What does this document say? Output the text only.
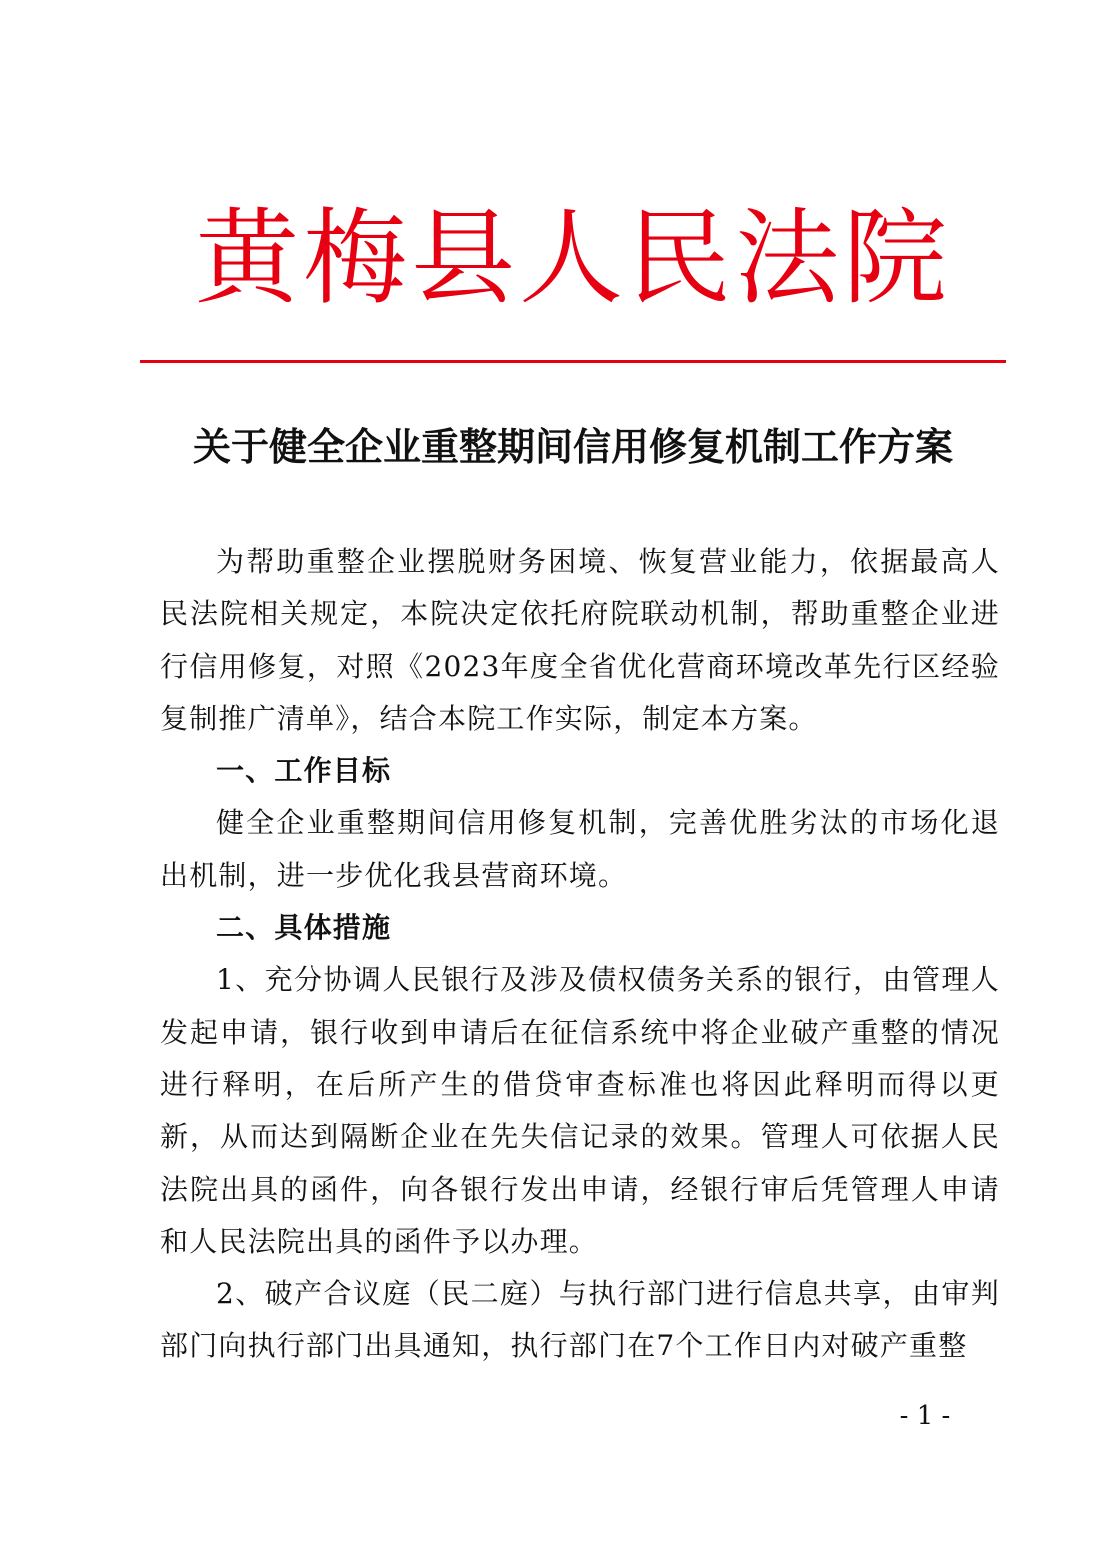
黄梅县人民法院
关于健全企业重整期间信用修复机制工作方案

为帮助重整企业摆脱财务困境、恢复营业能力，依据最高人民法院相关规定，本院决定依托府院联动机制，帮助重整企业进行信用修复，对照《2023年度全省优化营商环境改革先行区经验复制推广清单》，结合本院工作实际，制定本方案。

一、工作目标

健全企业重整期间信用修复机制，完善优胜劣汰的市场化退出机制，进一步优化我县营商环境。

二、具体措施

1、充分协调人民银行及涉及债权债务关系的银行，由管理人发起申请，银行收到申请后在征信系统中将企业破产重整的情况进行释明，在后所产生的借贷审查标准也将因此释明而得以更新，从而达到隔断企业在先失信记录的效果。管理人可依据人民法院出具的函件，向各银行发出申请，经银行审后凭管理人申请和人民法院出具的函件予以办理。

2、破产合议庭（民二庭）与执行部门进行信息共享，由审判部门向执行部门出具通知，执行部门在7个工作日内对破产重整

- 1 -
